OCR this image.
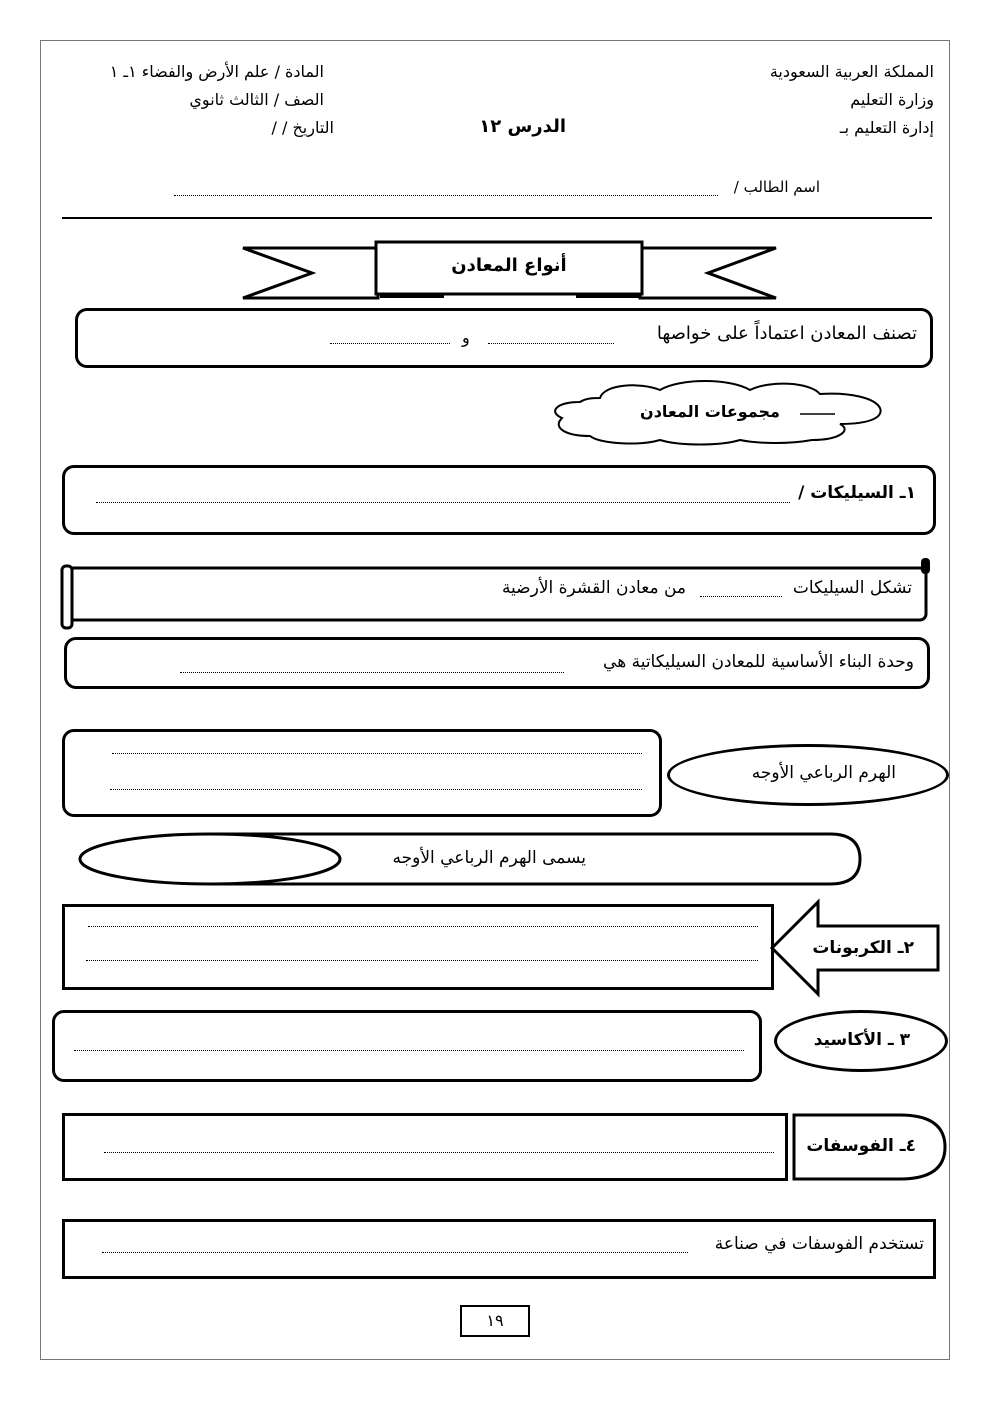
المملكة العربية السعودية
وزارة التعليم
إدارة التعليم بـ
المادة / علم الأرض والفضاء ١ـ ١
الصف / الثالث ثانوي
التاريخ / /	الدرس ١٢
اسم الطالب /
أنواع المعادن
تصنف المعادن اعتماداً على خواصها
و
مجموعات المعادن
١ـ السيليكات /
تشكل السيليكات
من معادن القشرة الأرضية
وحدة البناء الأساسية للمعادن السيليكاتية هي
الهرم الرباعي الأوجه
يسمى الهرم الرباعي الأوجه
٢ـ الكربونات
٣ ـ الأكاسيد
٤ـ الفوسفات
تستخدم الفوسفات في صناعة
١٩
